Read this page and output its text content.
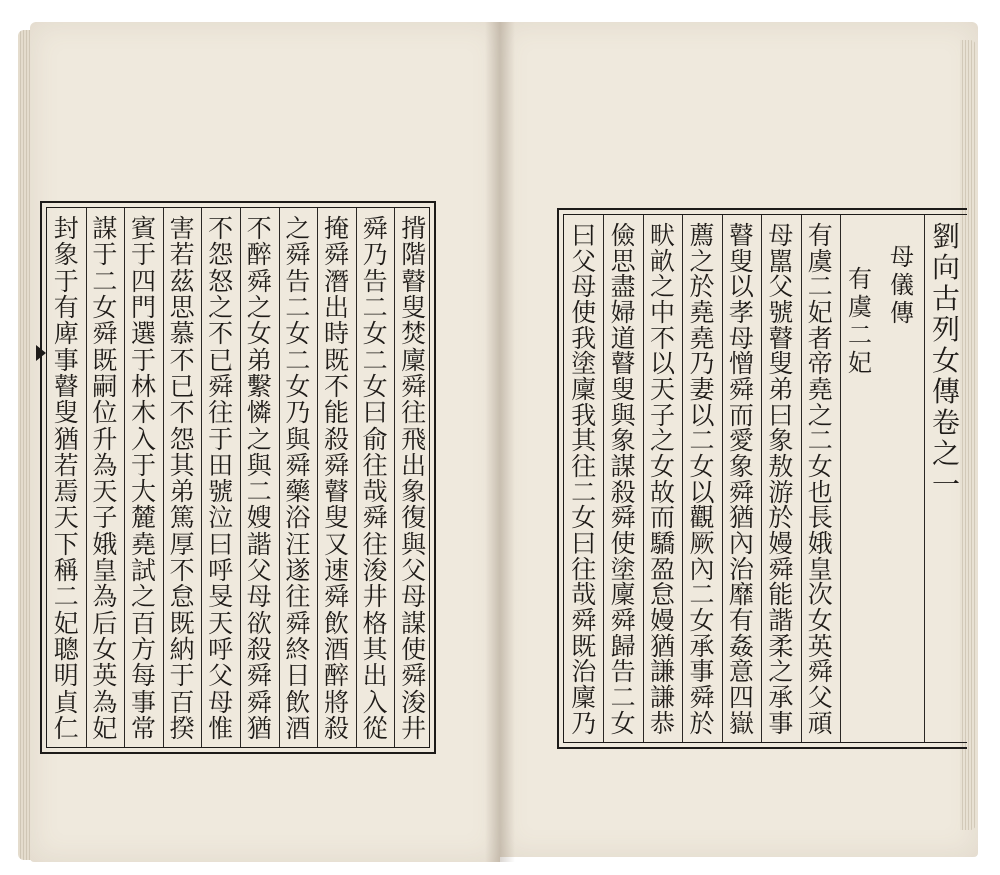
揹
階
瞽
叟
焚
廩
舜
往
飛
出
象
復
與
父
母
謀
使
舜
浚
井
舜
乃
告
二
女
二
女
曰
俞
往
哉
舜
往
浚
井
格
其
出
入
從
掩
舜
潛
出
時
既
不
能
殺
舜
瞽
叟
又
速
舜
飲
酒
醉
將
殺
之
舜
告
二
女
二
女
乃
與
舜
藥
浴
汪
遂
往
舜
終
日
飲
酒
不
醉
舜
之
女
弟
繫
憐
之
與
二
嫂
諧
父
母
欲
殺
舜
舜
猶
不
怨
怒
之
不
已
舜
往
于
田
號
泣
曰
呼
旻
天
呼
父
母
惟
害
若
茲
思
慕
不
已
不
怨
其
弟
篤
厚
不
怠
既
納
于
百
揆
賓
于
四
門
選
于
林
木
入
于
大
麓
堯
試
之
百
方
每
事
常
謀
于
二
女
舜
既
嗣
位
升
為
天
子
娥
皇
為
后
女
英
為
妃
封
象
于
有
庳
事
瞽
叟
猶
若
焉
天
下
稱
二
妃
聰
明
貞
仁
劉
向
古
列
女
傳
卷
之
一
母
儀
傳
有
虞
二
妃
有
虞
二
妃
者
帝
堯
之
二
女
也
長
娥
皇
次
女
英
舜
父
頑
母
嚚
父
號
瞽
叟
弟
曰
象
敖
游
於
嫚
舜
能
諧
柔
之
承
事
瞽
叟
以
孝
母
憎
舜
而
愛
象
舜
猶
內
治
靡
有
姦
意
四
嶽
薦
之
於
堯
堯
乃
妻
以
二
女
以
觀
厥
內
二
女
承
事
舜
於
畎
畝
之
中
不
以
天
子
之
女
故
而
驕
盈
怠
嫚
猶
謙
謙
恭
儉
思
盡
婦
道
瞽
叟
與
象
謀
殺
舜
使
塗
廩
舜
歸
告
二
女
曰
父
母
使
我
塗
廩
我
其
往
二
女
曰
往
哉
舜
既
治
廩
乃
